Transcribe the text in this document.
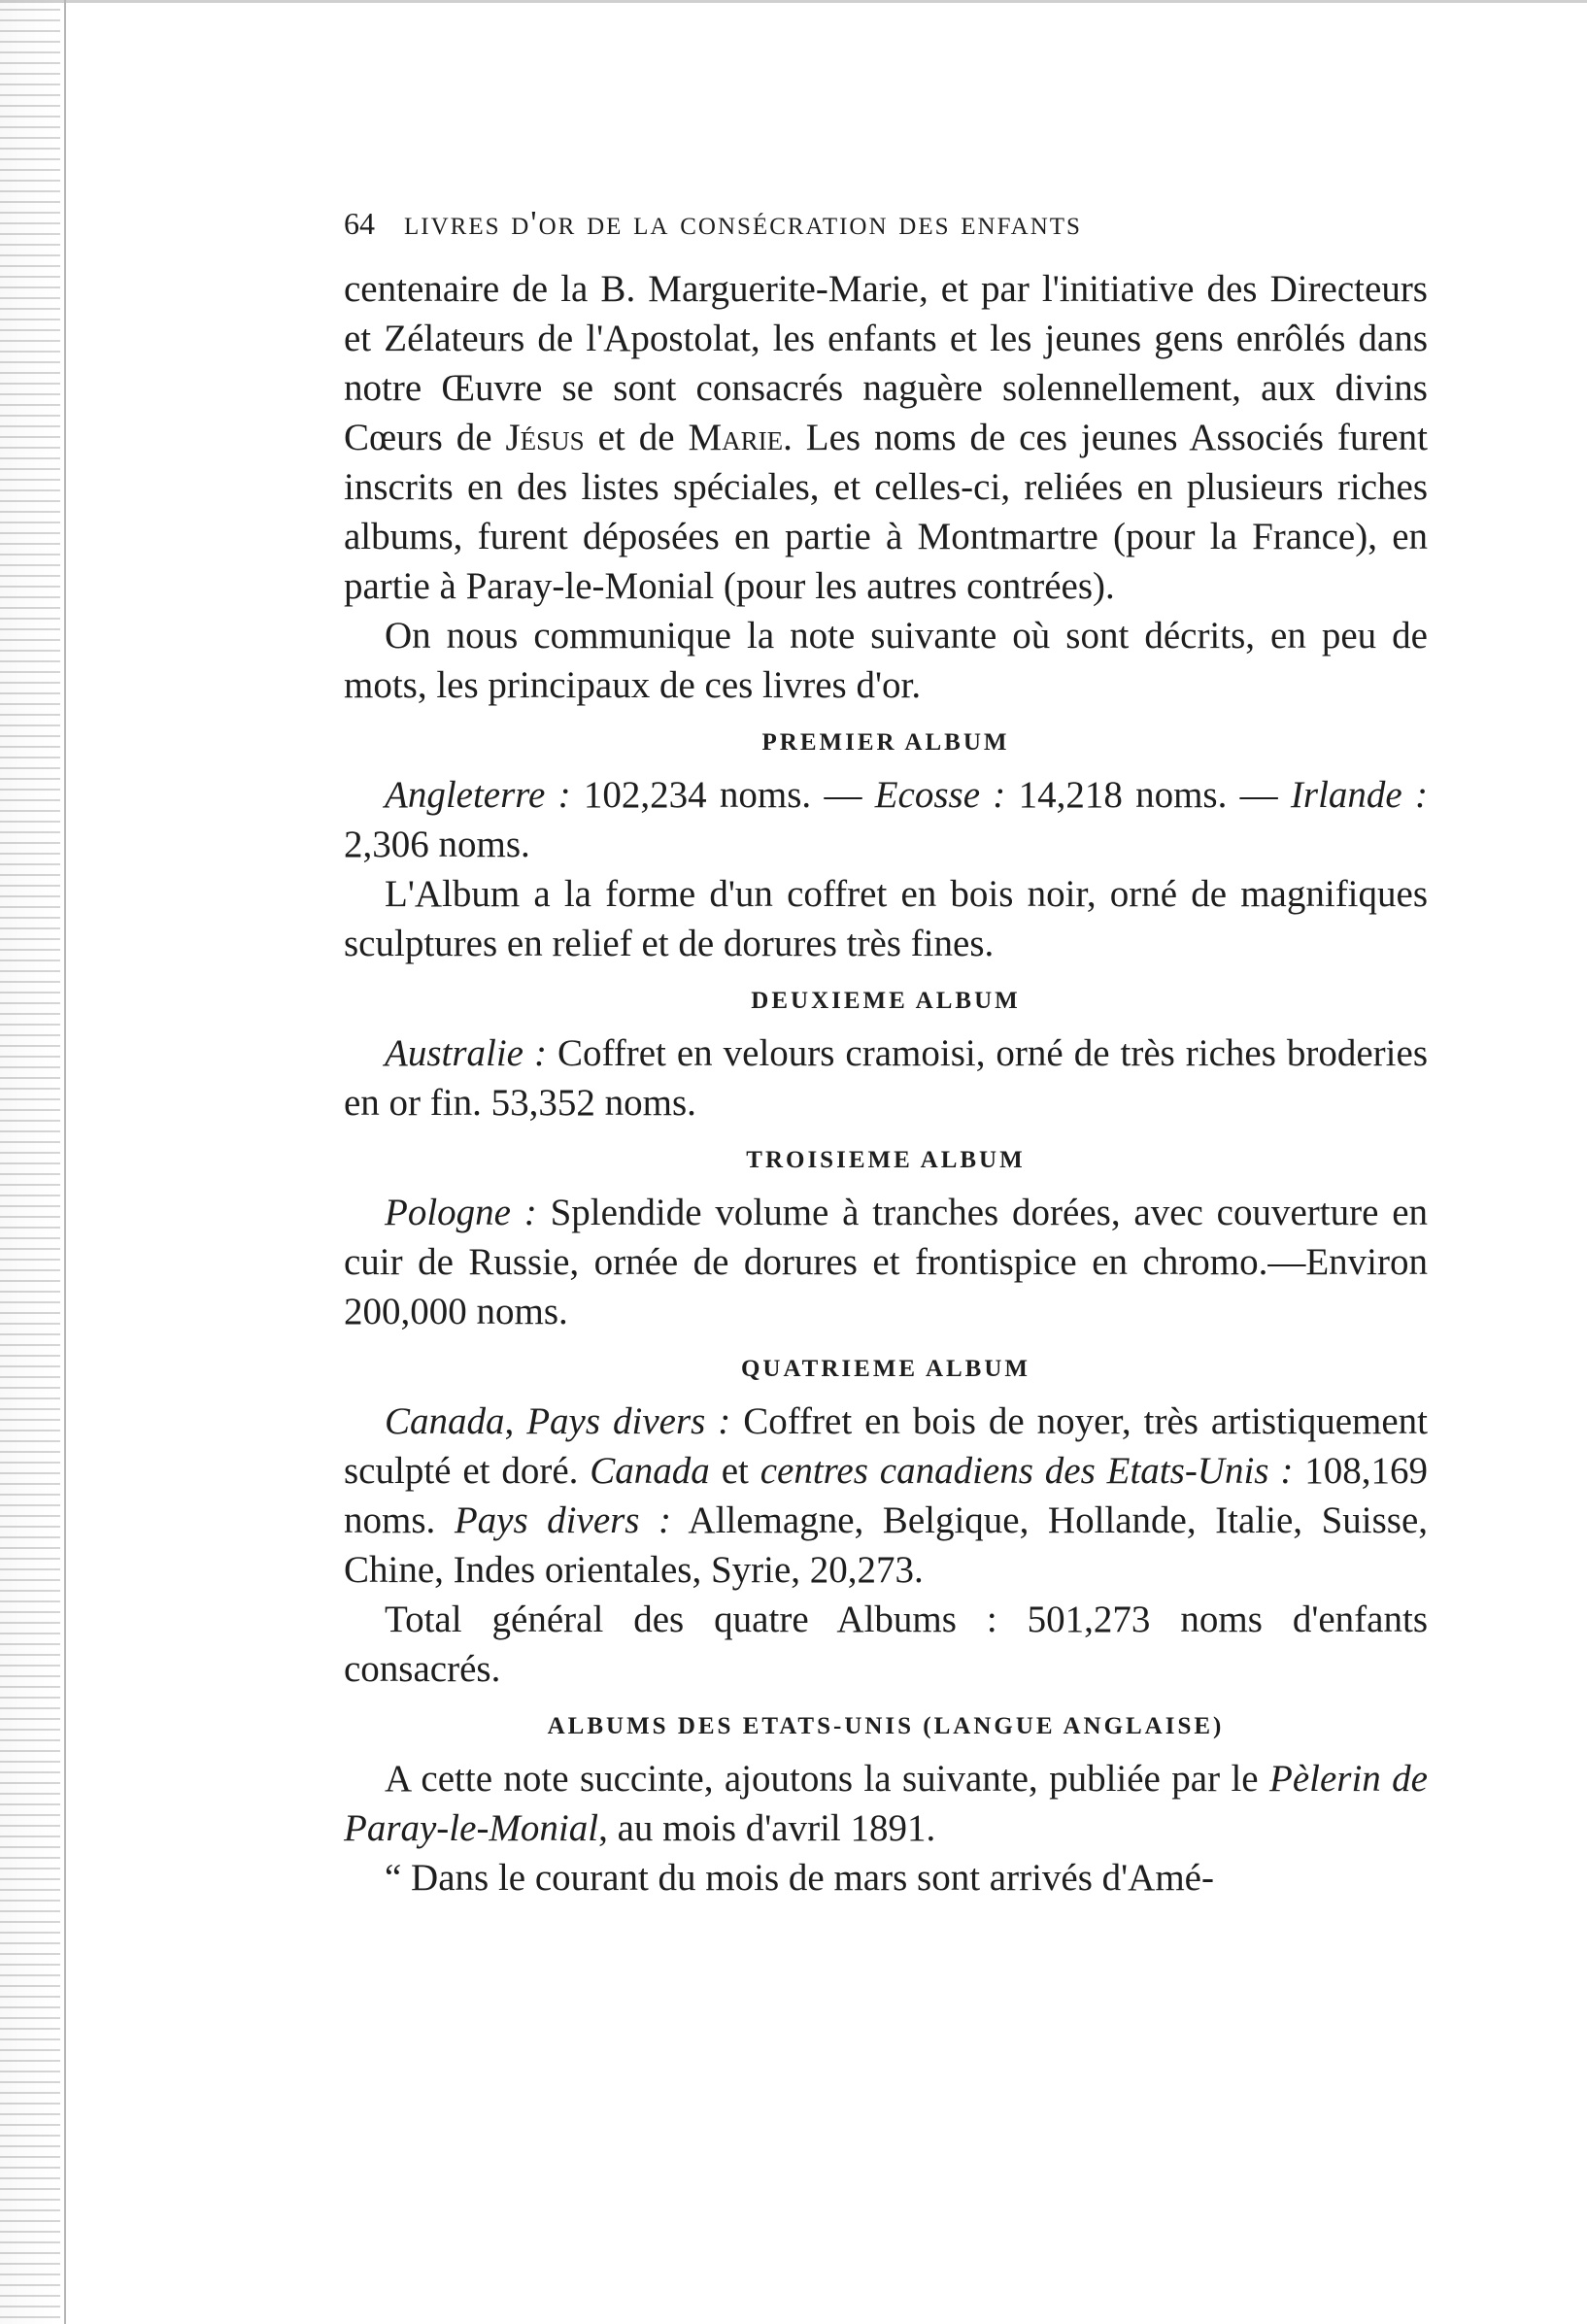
64 livres d'or de la consécration des enfants

centenaire de la B. Marguerite-Marie, et par l'initiative des Directeurs et Zélateurs de l'Apostolat, les enfants et les jeunes gens enrôlés dans notre Œuvre se sont consacrés naguère solennellement, aux divins Cœurs de Jésus et de Marie. Les noms de ces jeunes Associés furent inscrits en des listes spéciales, et celles-ci, reliées en plusieurs riches albums, furent déposées en partie à Montmartre (pour la France), en partie à Paray-le-Monial (pour les autres contrées).

On nous communique la note suivante où sont décrits, en peu de mots, les principaux de ces livres d'or.

PREMIER ALBUM

Angleterre : 102,234 noms. — Ecosse : 14,218 noms. — Irlande : 2,306 noms.

L'Album a la forme d'un coffret en bois noir, orné de magnifiques sculptures en relief et de dorures très fines.

DEUXIEME ALBUM

Australie : Coffret en velours cramoisi, orné de très riches broderies en or fin. 53,352 noms.

TROISIEME ALBUM

Pologne : Splendide volume à tranches dorées, avec couverture en cuir de Russie, ornée de dorures et frontispice en chromo.—Environ 200,000 noms.

QUATRIEME ALBUM

Canada, Pays divers : Coffret en bois de noyer, très artistiquement sculpté et doré. Canada et centres canadiens des Etats-Unis : 108,169 noms. Pays divers : Allemagne, Belgique, Hollande, Italie, Suisse, Chine, Indes orientales, Syrie, 20,273.

Total général des quatre Albums : 501,273 noms d'enfants consacrés.

ALBUMS DES ETATS-UNIS (LANGUE ANGLAISE)

A cette note succinte, ajoutons la suivante, publiée par le Pèlerin de Paray-le-Monial, au mois d'avril 1891.

“ Dans le courant du mois de mars sont arrivés d'Amé-
